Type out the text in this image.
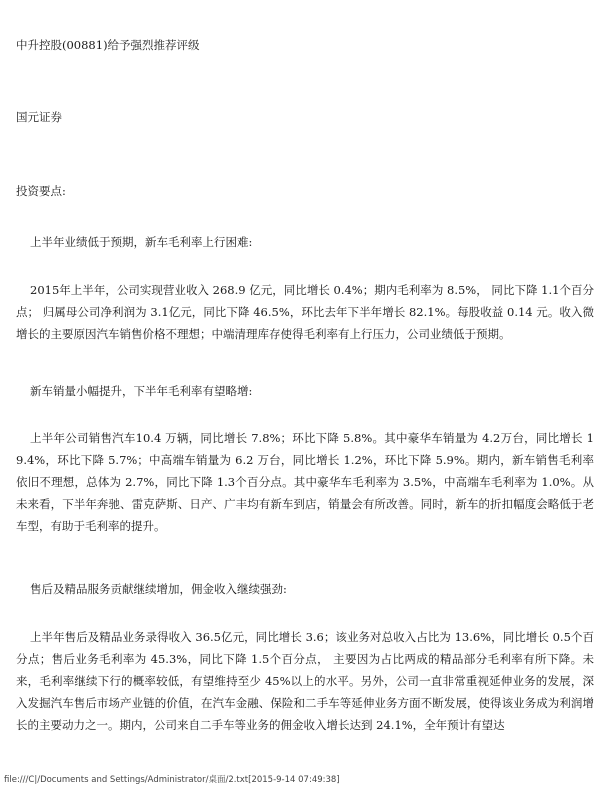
中升控股(00881)给予强烈推荐评级
国元证券
投资要点:
上半年业绩低于预期，新车毛利率上行困难:

2015年上半年，公司实现营业收入 268.9 亿元，同比增长 0.4%；期内毛利率为 8.5%， 同比下降 1.1个百分点； 归属母公司净利润为 3.1亿元，同比下降 46.5%，环比去年下半年增长 82.1%。每股收益 0.14 元。收入微增长的主要原因汽车销售价格不理想；中端清理库存使得毛利率有上行压力，公司业绩低于预期。

新车销量小幅提升，下半年毛利率有望略增:

上半年公司销售汽车10.4 万辆，同比增长 7.8%；环比下降 5.8%。其中豪华车销量为 4.2万台，同比增长 19.4%，环比下降 5.7%；中高端车销量为 6.2 万台，同比增长 1.2%，环比下降 5.9%。期内，新车销售毛利率依旧不理想，总体为 2.7%，同比下降 1.3个百分点。其中豪华车毛利率为 3.5%，中高端车毛利率为 1.0%。从未来看，下半年奔驰、雷克萨斯、日产、广丰均有新车到店，销量会有所改善。同时，新车的折扣幅度会略低于老车型，有助于毛利率的提升。

售后及精品服务贡献继续增加，佣金收入继续强劲:

上半年售后及精品业务录得收入 36.5亿元，同比增长 3.6；该业务对总收入占比为 13.6%，同比增长 0.5个百分点；售后业务毛利率为 45.3%，同比下降 1.5个百分点， 主要因为占比两成的精品部分毛利率有所下降。未来，毛利率继续下行的概率较低，有望维持至少 45%以上的水平。另外，公司一直非常重视延伸业务的发展，深入发掘汽车售后市场产业链的价值，在汽车金融、保险和二手车等延伸业务方面不断发展，使得该业务成为利润增长的主要动力之一。期内，公司来自二手车等业务的佣金收入增长达到 24.1%，全年预计有望达

file:///C|/Documents and Settings/Administrator/桌面/2.txt[2015-9-14 07:49:38]
